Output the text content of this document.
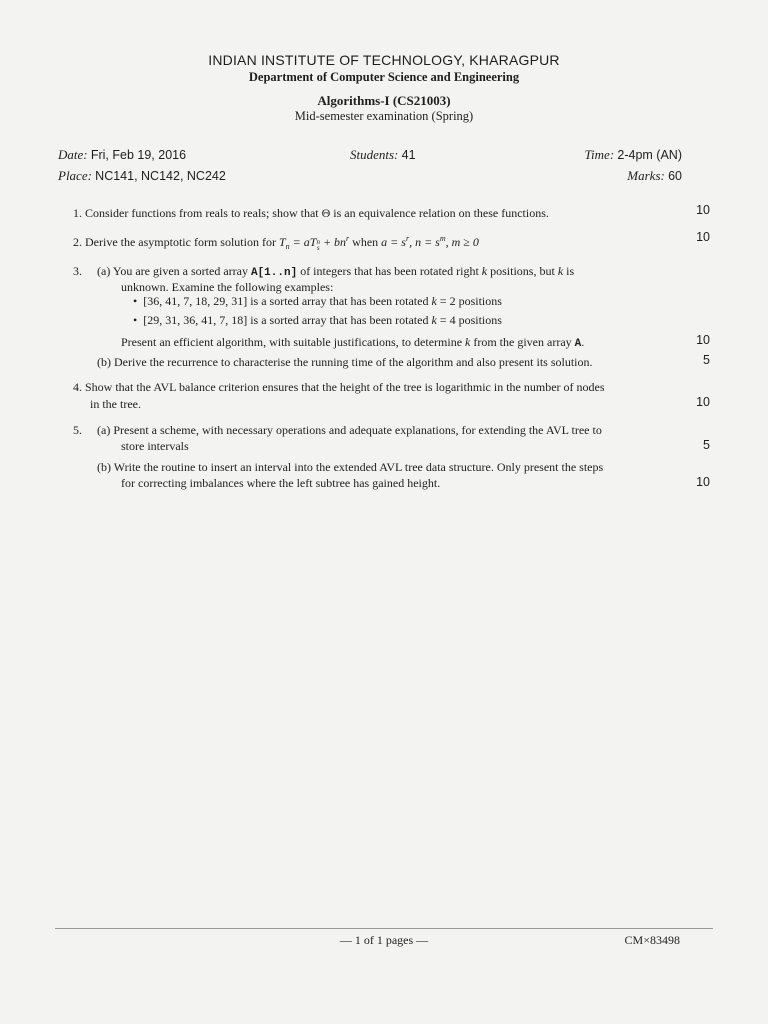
INDIAN INSTITUTE OF TECHNOLOGY, KHARAGPUR
Department of Computer Science and Engineering
Algorithms-I (CS21003)
Mid-semester examination (Spring)
Date: Fri, Feb 19, 2016	Students: 41	Time: 2-4pm (AN)
Place: NC141, NC142, NC242	Marks: 60
1. Consider functions from reals to reals; show that Θ is an equivalence relation on these functions.	10
2. Derive the asymptotic form solution for $T_n$ = aTn
$s + bn^r$ when $a = s^r$, $n = s^m$, m ≥ 0	10
3. (a) You are given a sorted array A[1..n] of integers that has been rotated right k positions, but k is
unknown. Examine the following examples:
• [36, 41, 7, 18, 29, 31] is a sorted array that has been rotated k = 2 positions
• [29, 31, 36, 41, 7, 18] is a sorted array that has been rotated k = 4 positions
Present an efficient algorithm, with suitable justifications, to determine k from the given array A.	10
(b) Derive the recurrence to characterise the running time of the algorithm and also present its solution.	5
4. Show that the AVL balance criterion ensures that the height of the tree is logarithmic in the number of nodes
in the tree.	10
5. (a) Present a scheme, with necessary operations and adequate explanations, for extending the AVL tree to
store intervals	5
(b) Write the routine to insert an interval into the extended AVL tree data structure. Only present the steps
for correcting imbalances where the left subtree has gained height.	10
— 1 of 1 pages —	CM×83498
